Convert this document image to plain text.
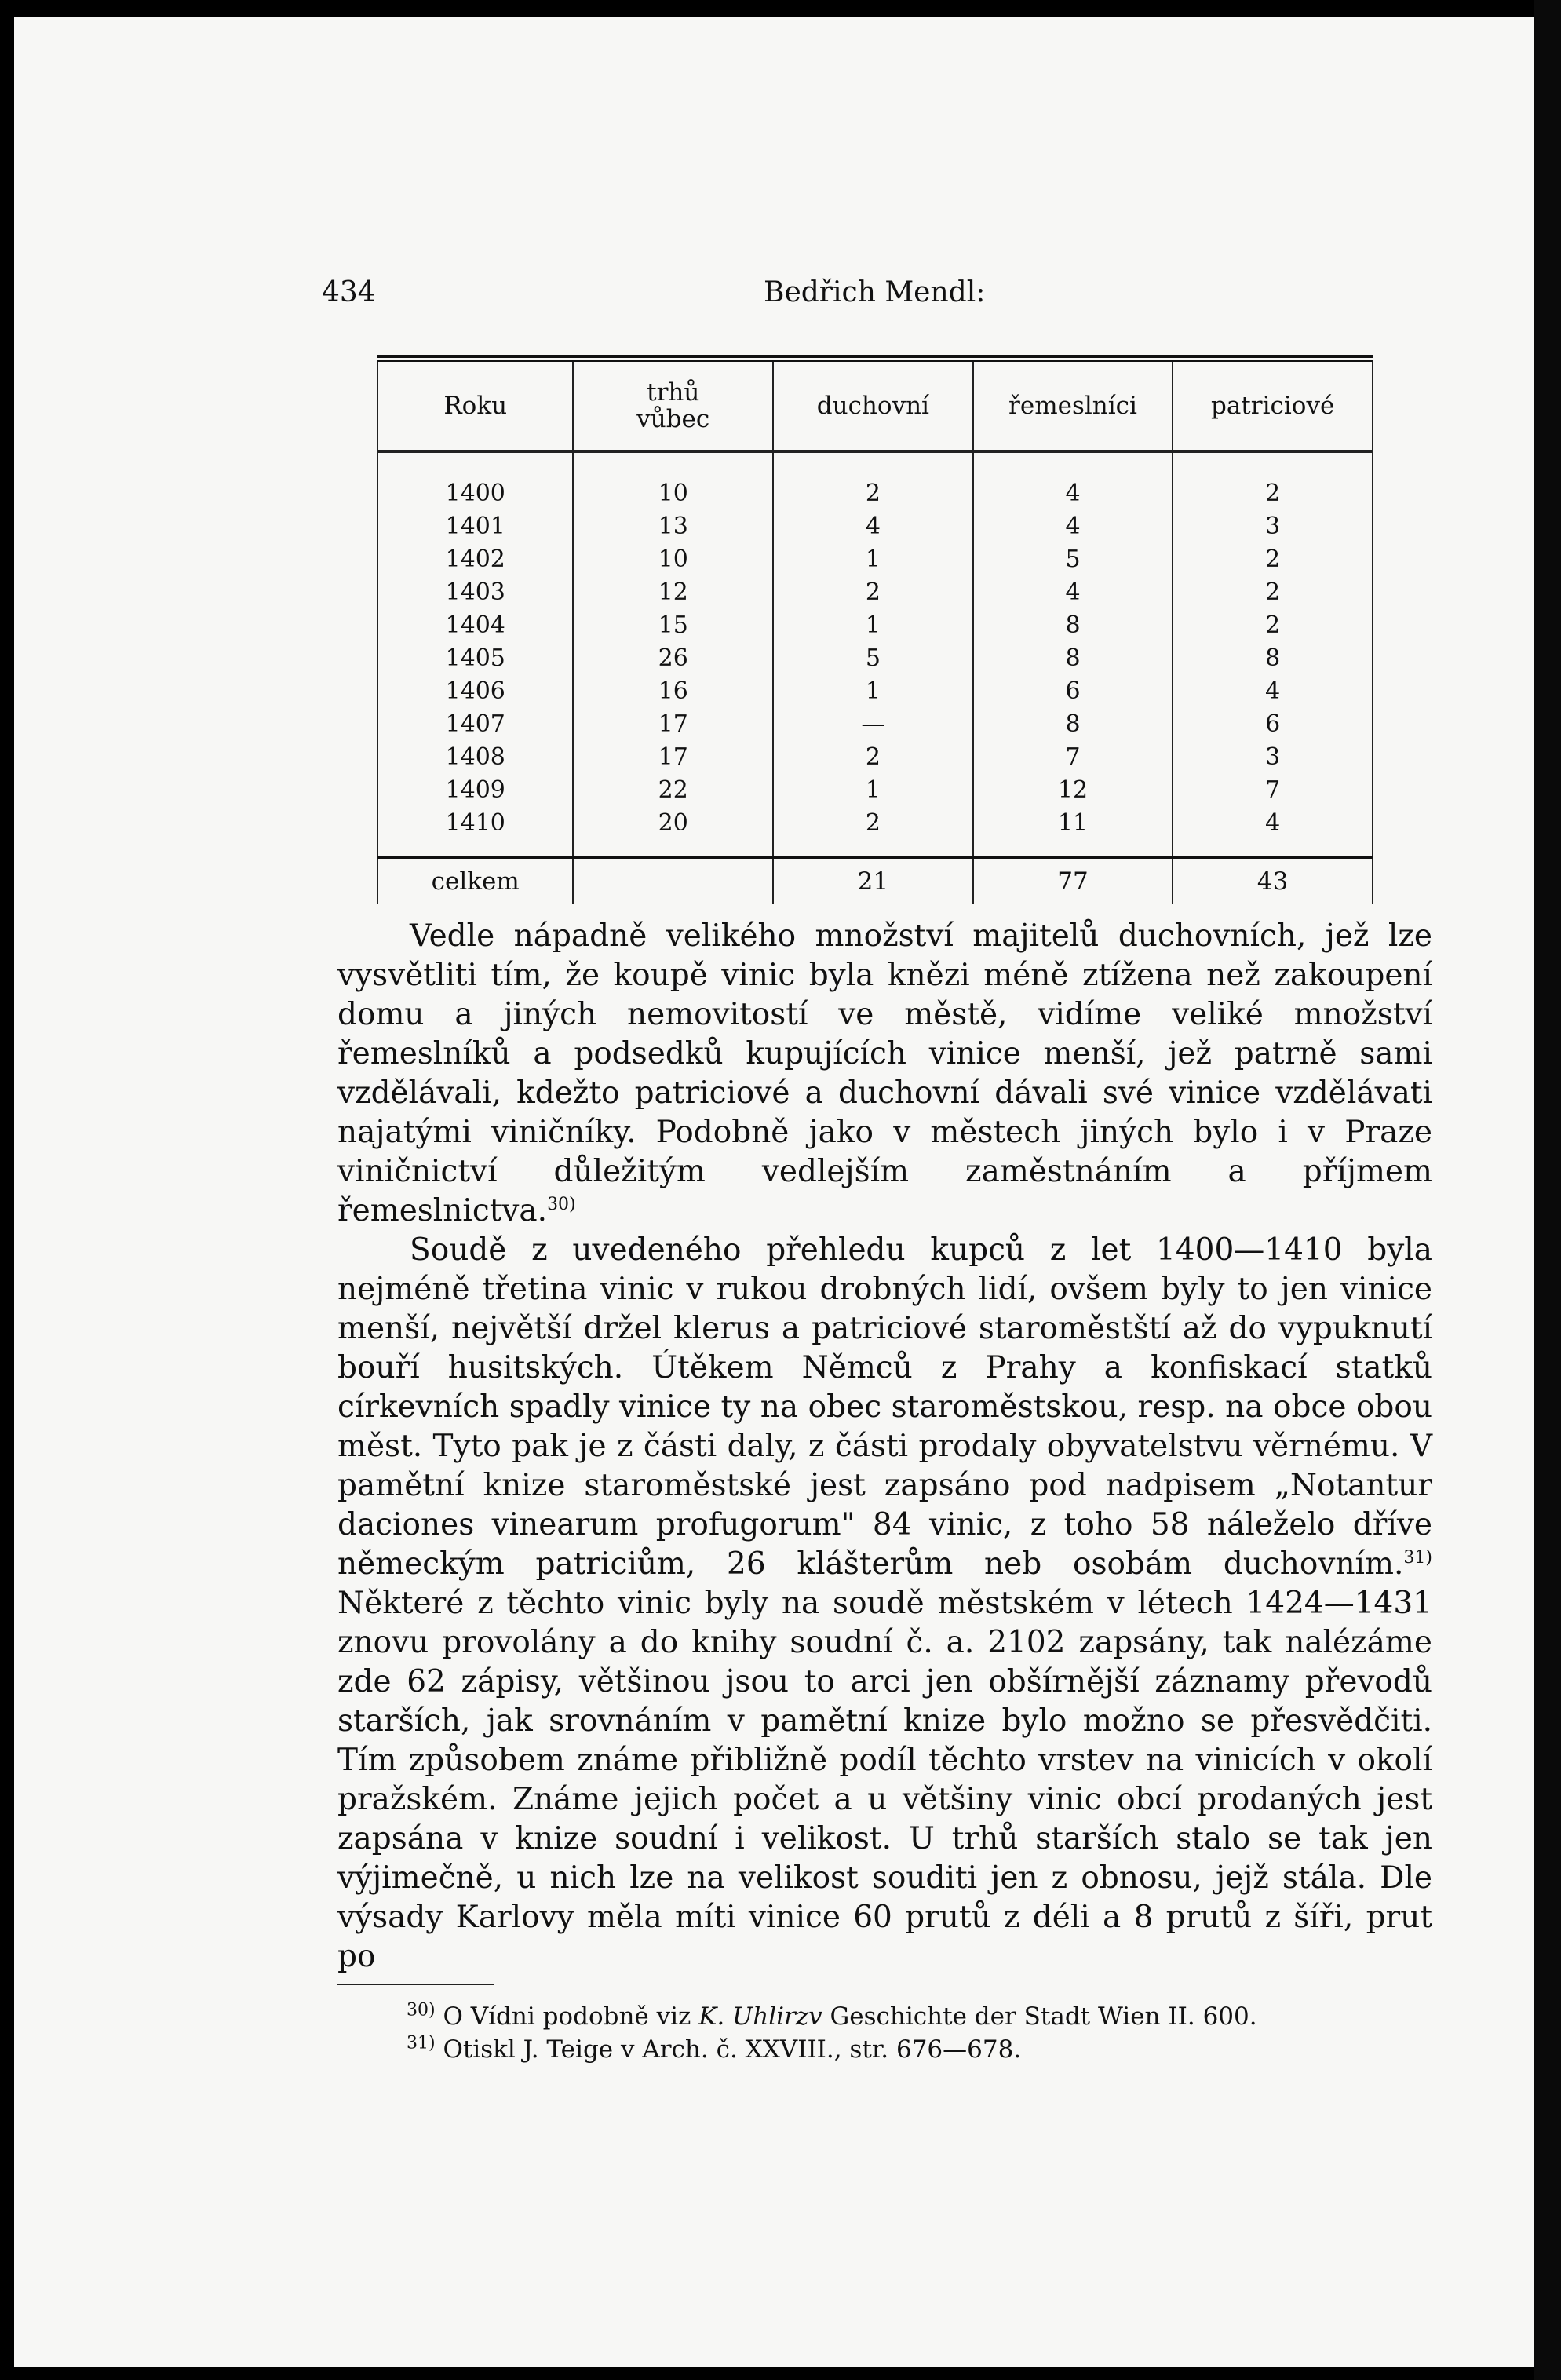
434	Bedřich Mendl:
Roku	trhů vůbec	duchovní	řemeslníci	patriciové

1400	10	2	4	2
1401	13	4	4	3
1402	10	1	5	2
1403	12	2	4	2
1404	15	1	8	2
1405	26	5	8	8
1406	16	1	6	4
1407	17	—	8	6
1408	17	2	7	3
1409	22	1	12	7
1410	20	2	11	4

celkem		21	77	43

Vedle nápadně velikého množství majitelů duchovních, jež lze vysvětliti tím, že koupě vinic byla knězi méně ztížena než zakoupení domu a jiných nemovitostí ve městě, vidíme veliké množství řemeslníků a podsedků kupujících vinice menší, jež patrně sami vzdělávali, kdežto patriciové a duchovní dávali své vinice vzdělávati najatými viničníky. Podobně jako v městech jiných bylo i v Praze viničnictví důležitým vedlejším zaměstnáním a příjmem řemeslnictva.$^{30)}$

Soudě z uvedeného přehledu kupců z let 1400—1410 byla nejméně třetina vinic v rukou drobných lidí, ovšem byly to jen vinice menší, největší držel klerus a patriciové staroměstští až do vypuknutí bouří husitských. Útěkem Němců z Prahy a konfiskací statků církevních spadly vinice ty na obec staroměstskou, resp. na obce obou měst. Tyto pak je z části daly, z části prodaly obyvatelstvu věrnému. V pamětní knize staroměstské jest zapsáno pod nadpisem „Notantur daciones vinearum profugorum" 84 vinic, z toho 58 náleželo dříve německým patriciům, 26 klášterům neb osobám duchovním.$^{31)}$ Některé z těchto vinic byly na soudě městském v létech 1424—1431 znovu provolány a do knihy soudní č. a. 2102 zapsány, tak nalézáme zde 62 zápisy, většinou jsou to arci jen obšírnější záznamy převodů starších, jak srovnáním v pamětní knize bylo možno se přesvědčiti. Tím způsobem známe přibližně podíl těchto vrstev na vinicích v okolí pražském. Známe jejich počet a u většiny vinic obcí prodaných jest zapsána v knize soudní i velikost. U trhů starších stalo se tak jen výjimečně, u nich lze na velikost souditi jen z obnosu, jejž stála. Dle výsady Karlovy měla míti vinice 60 prutů z déli a 8 prutů z šíři, prut po

$^{30)}$ O Vídni podobně viz K. Uhlirzv Geschichte der Stadt Wien II. 600.
$^{31)}$ Otiskl J. Teige v Arch. č. XXVIII., str. 676—678.
